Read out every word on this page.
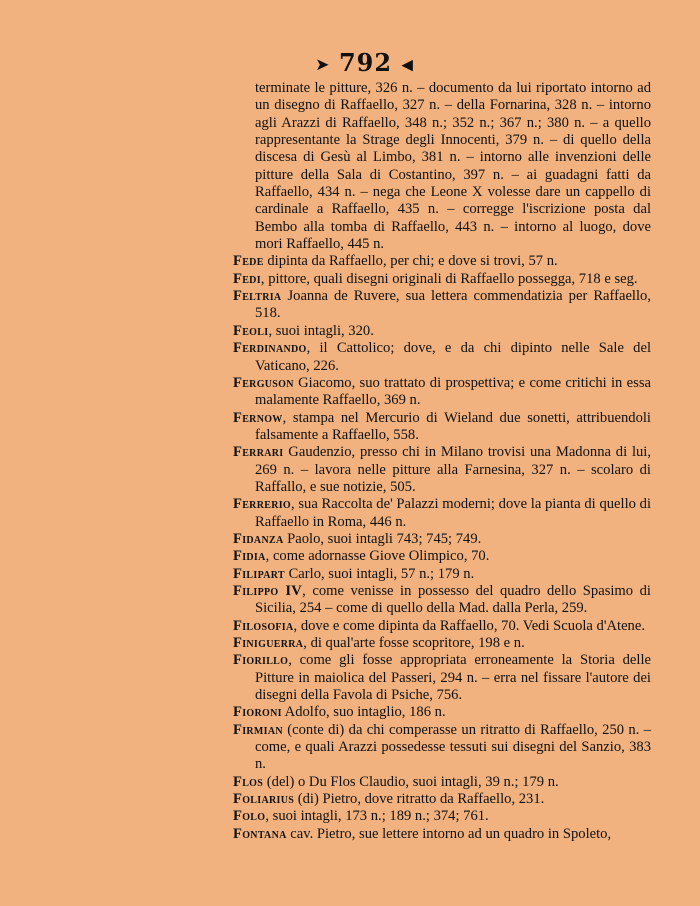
➤ 792 ◀
terminate le pitture, 326 n. – documento da lui riportato intorno ad un disegno di Raffaello, 327 n. – della Fornarina, 328 n. – intorno agli Arazzi di Raffaello, 348 n.; 352 n.; 367 n.; 380 n. – a quello rappresentante la Strage degli Innocenti, 379 n. – di quello della discesa di Gesù al Limbo, 381 n. – intorno alle invenzioni delle pitture della Sala di Costantino, 397 n. – ai guadagni fatti da Raffaello, 434 n. – nega che Leone X volesse dare un cappello di cardinale a Raffaello, 435 n. – corregge l'iscrizione posta dal Bembo alla tomba di Raffaello, 443 n. – intorno al luogo, dove mori Raffaello, 445 n.
Fede dipinta da Raffaello, per chi; e dove si trovi, 57 n.
Fedi, pittore, quali disegni originali di Raffaello possegga, 718 e seg.
Feltria Joanna de Ruvere, sua lettera commendatizia per Raffaello, 518.
Feoli, suoi intagli, 320.
Ferdinando, il Cattolico; dove, e da chi dipinto nelle Sale del Vaticano, 226.
Ferguson Giacomo, suo trattato di prospettiva; e come critichi in essa malamente Raffaello, 369 n.
Fernow, stampa nel Mercurio di Wieland due sonetti, attribuendoli falsamente a Raffaello, 558.
Ferrari Gaudenzio, presso chi in Milano trovisi una Madonna di lui, 269 n. – lavora nelle pitture alla Farnesina, 327 n. – scolaro di Raffallo, e sue notizie, 505.
Ferrerio, sua Raccolta de' Palazzi moderni; dove la pianta di quello di Raffaello in Roma, 446 n.
Fidanza Paolo, suoi intagli 743; 745; 749.
Fidia, come adornasse Giove Olimpico, 70.
Filipart Carlo, suoi intagli, 57 n.; 179 n.
Filippo IV, come venisse in possesso del quadro dello Spasimo di Sicilia, 254 – come di quello della Mad. dalla Perla, 259.
Filosofia, dove e come dipinta da Raffaello, 70. Vedi Scuola d'Atene.
Finiguerra, di qual'arte fosse scopritore, 198 e n.
Fiorillo, come gli fosse appropriata erroneamente la Storia delle Pitture in maiolica del Passeri, 294 n. – erra nel fissare l'autore dei disegni della Favola di Psiche, 756.
Fioroni Adolfo, suo intaglio, 186 n.
Firmian (conte di) da chi comperasse un ritratto di Raffaello, 250 n. – come, e quali Arazzi possedesse tessuti sui disegni del Sanzio, 383 n.
Flos (del) o Du Flos Claudio, suoi intagli, 39 n.; 179 n.
Foliarius (di) Pietro, dove ritratto da Raffaello, 231.
Folo, suoi intagli, 173 n.; 189 n.; 374; 761.
Fontana cav. Pietro, sue lettere intorno ad un quadro in Spoleto,
